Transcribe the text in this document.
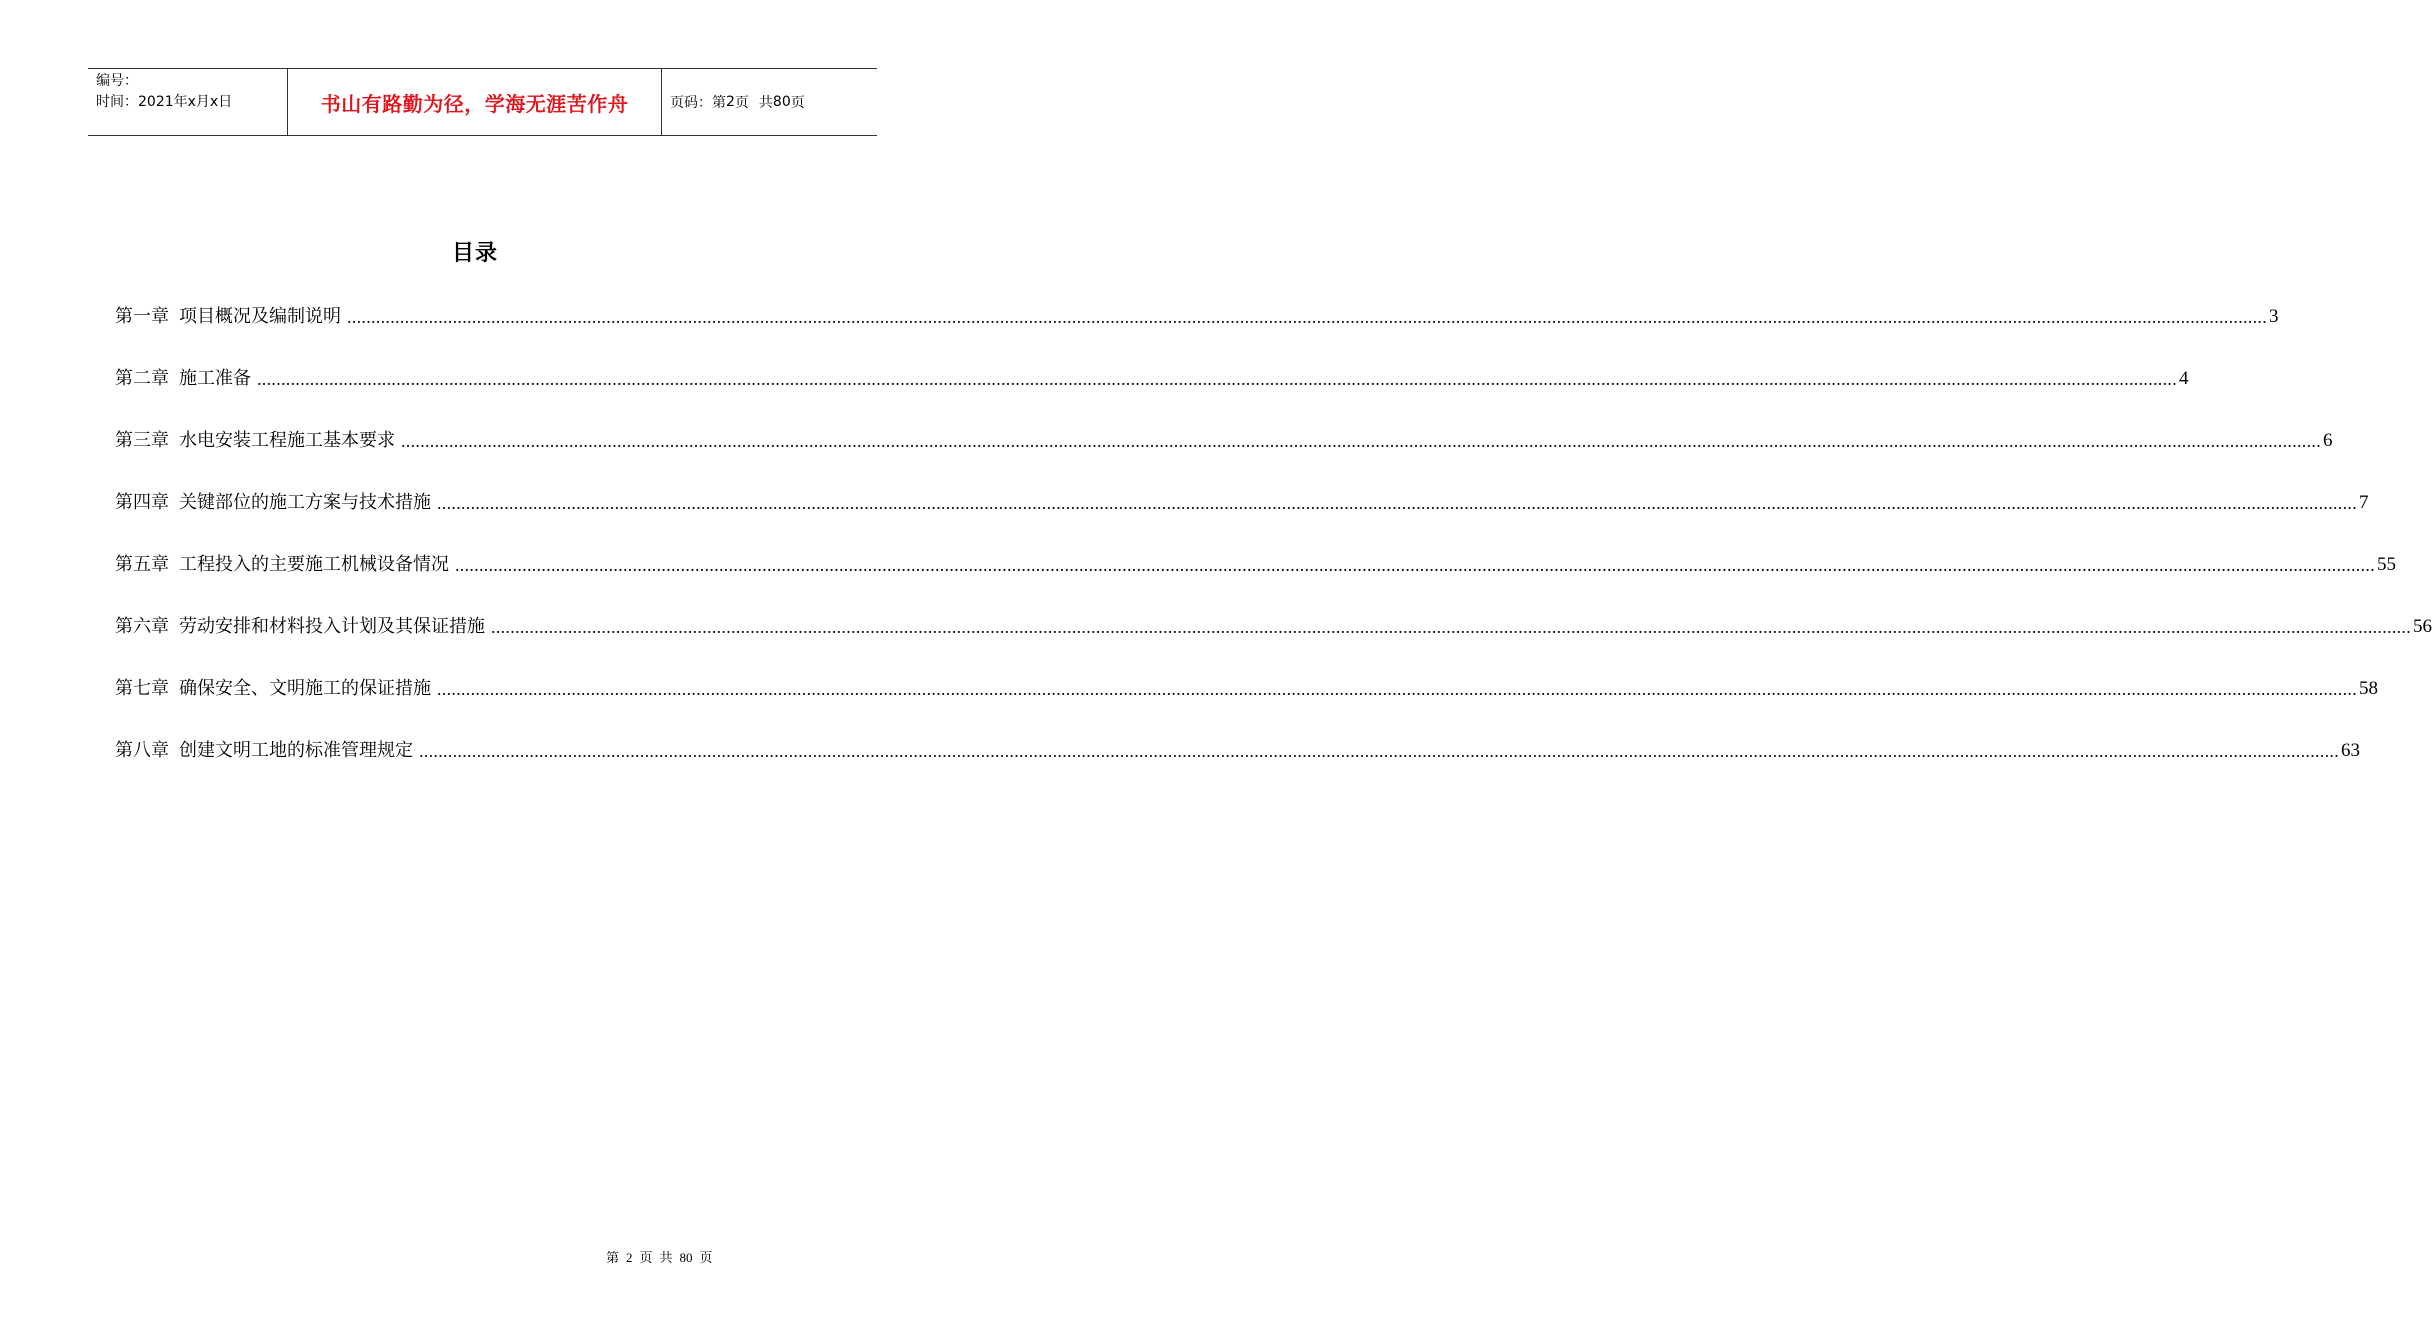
编号：
时间：2021年x月x日	书山有路勤为径，学海无涯苦作舟	页码：第 2 页 共 80 页
目录
第一章 项目概况及编制说明 ................................................................................................................................................................................................................................................................................................................................................................................................................ 3
第二章 施工准备 ................................................................................................................................................................................................................................................................................................................................................................................................................ 4
第三章 水电安装工程施工基本要求 ................................................................................................................................................................................................................................................................................................................................................................................................................ 6
第四章 关键部位的施工方案与技术措施 ................................................................................................................................................................................................................................................................................................................................................................................................................ 7
第五章 工程投入的主要施工机械设备情况 ................................................................................................................................................................................................................................................................................................................................................................................................................ 55
第六章 劳动安排和材料投入计划及其保证措施 ................................................................................................................................................................................................................................................................................................................................................................................................................ 56
第七章 确保安全、文明施工的保证措施 ................................................................................................................................................................................................................................................................................................................................................................................................................ 58
第八章 创建文明工地的标准管理规定 ................................................................................................................................................................................................................................................................................................................................................................................................................ 63
第 2 页 共 80 页
